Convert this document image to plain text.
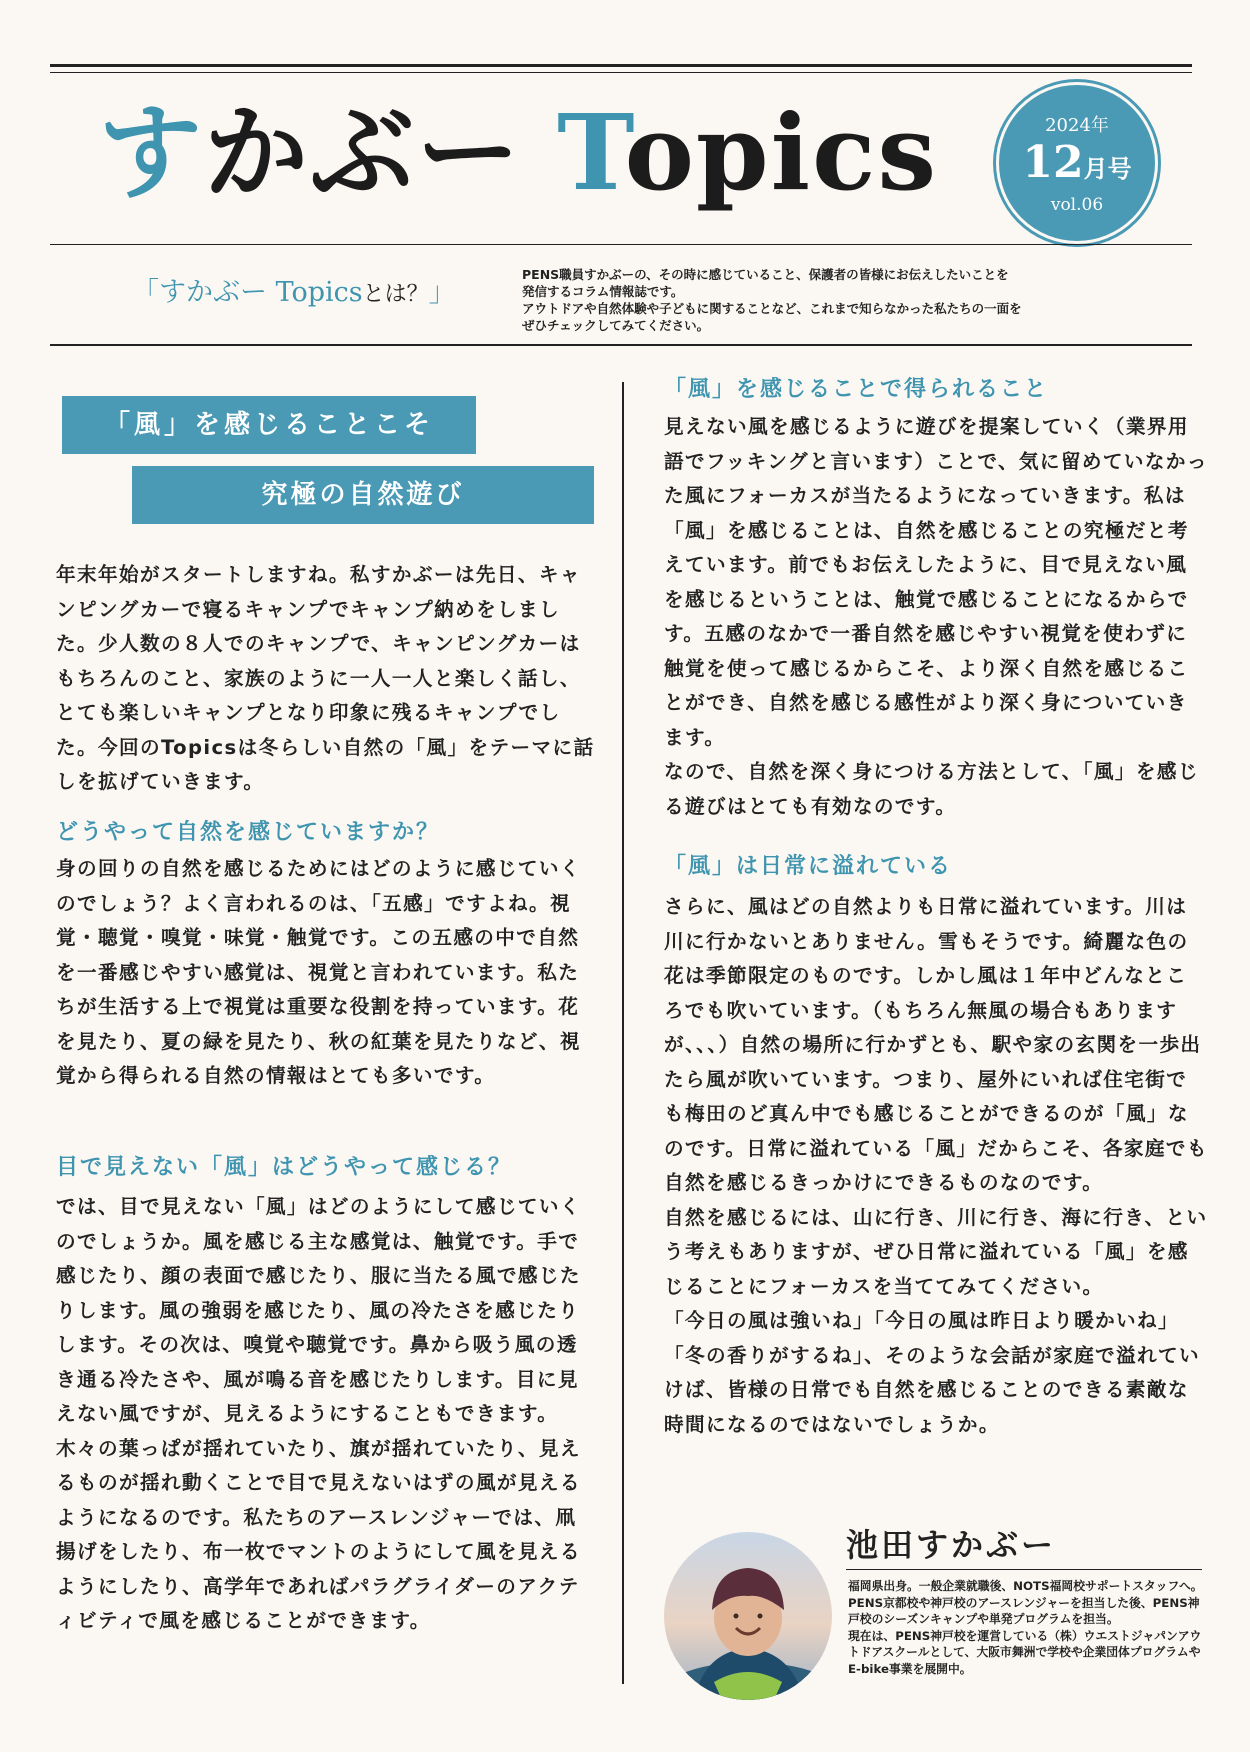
すかぶー Topics	2024年
12月号
vol.06
「すかぶー Topicsとは？」
PENS職員すかぶーの、その時に感じていること、保護者の皆様にお伝えしたいことを
発信するコラム情報誌です。
アウトドアや自然体験や子どもに関することなど、これまで知らなかった私たちの一面を
ぜひチェックしてみてください。
「風」を感じることこそ
究極の自然遊び
年末年始がスタートしますね。私すかぶーは先日、キャンピングカーで寝るキャンプでキャンプ納めをしました。少人数の８人でのキャンプで、キャンピングカーはもちろんのこと、家族のように一人一人と楽しく話し、とても楽しいキャンプとなり印象に残るキャンプでした。今回のTopicsは冬らしい自然の「風」をテーマに話しを拡げていきます。
どうやって自然を感じていますか？
身の回りの自然を感じるためにはどのように感じていくのでしょう？よく言われるのは、「五感」ですよね。視覚・聴覚・嗅覚・味覚・触覚です。この五感の中で自然を一番感じやすい感覚は、視覚と言われています。私たちが生活する上で視覚は重要な役割を持っています。花を見たり、夏の緑を見たり、秋の紅葉を見たりなど、視覚から得られる自然の情報はとても多いです。
目で見えない「風」はどうやって感じる？
では、目で見えない「風」はどのようにして感じていくのでしょうか。風を感じる主な感覚は、触覚です。手で感じたり、顔の表面で感じたり、服に当たる風で感じたりします。風の強弱を感じたり、風の冷たさを感じたりします。その次は、嗅覚や聴覚です。鼻から吸う風の透き通る冷たさや、風が鳴る音を感じたりします。目に見えない風ですが、見えるようにすることもできます。木々の葉っぱが揺れていたり、旗が揺れていたり、見えるものが揺れ動くことで目で見えないはずの風が見えるようになるのです。私たちのアースレンジャーでは、凧揚げをしたり、布一枚でマントのようにして風を見えるようにしたり、高学年であればパラグライダーのアクティビティで風を感じることができます。
「風」を感じることで得られること
見えない風を感じるように遊びを提案していく（業界用語でフッキングと言います）ことで、気に留めていなかった風にフォーカスが当たるようになっていきます。私は「風」を感じることは、自然を感じることの究極だと考えています。前でもお伝えしたように、目で見えない風を感じるということは、触覚で感じることになるからです。五感のなかで一番自然を感じやすい視覚を使わずに触覚を使って感じるからこそ、より深く自然を感じることができ、自然を感じる感性がより深く身についていきます。
なので、自然を深く身につける方法として、「風」を感じる遊びはとても有効なのです。
「風」は日常に溢れている
さらに、風はどの自然よりも日常に溢れています。川は川に行かないとありません。雪もそうです。綺麗な色の花は季節限定のものです。しかし風は１年中どんなところでも吹いています。（もちろん無風の場合もありますが、、、）自然の場所に行かずとも、駅や家の玄関を一歩出たら風が吹いています。つまり、屋外にいれば住宅街でも梅田のど真ん中でも感じることができるのが「風」なのです。日常に溢れている「風」だからこそ、各家庭でも自然を感じるきっかけにできるものなのです。
自然を感じるには、山に行き、川に行き、海に行き、という考えもありますが、ぜひ日常に溢れている「風」を感じることにフォーカスを当ててみてください。
「今日の風は強いね」「今日の風は昨日より暖かいね」「冬の香りがするね」、そのような会話が家庭で溢れていけば、皆様の日常でも自然を感じることのできる素敵な時間になるのではないでしょうか。
池田すかぶー
福岡県出身。一般企業就職後、NOTS福岡校サポートスタッフへ。PENS京都校や神戸校のアースレンジャーを担当した後、PENS神戸校のシーズンキャンプや単発プログラムを担当。
現在は、PENS神戸校を運営している（株）ウエストジャパンアウトドアスクールとして、大阪市舞洲で学校や企業団体プログラムやE-bike事業を展開中。
